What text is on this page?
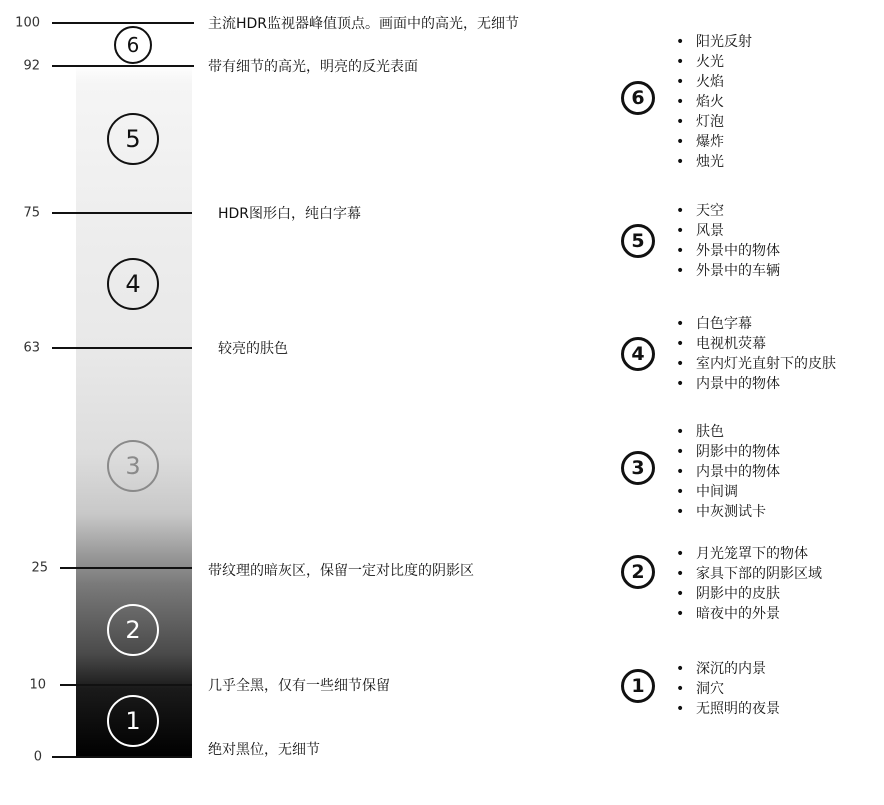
100
92
75
63
25
10
0
主流HDR监视器峰值顶点。画面中的高光，无细节
带有细节的高光，明亮的反光表面
HDR图形白，纯白字幕
较亮的肤色
带纹理的暗灰区，保留一定对比度的阴影区
几乎全黑，仅有一些细节保留
绝对黑位，无细节
6
5
4
3
2
1
6
5
4
3
2
1
• 阳光反射
• 火光
• 火焰
• 焰火
• 灯泡
• 爆炸
• 烛光
• 天空
• 风景
• 外景中的物体
• 外景中的车辆
• 白色字幕
• 电视机荧幕
• 室内灯光直射下的皮肤
• 内景中的物体
• 肤色
• 阴影中的物体
• 内景中的物体
• 中间调
• 中灰测试卡
• 月光笼罩下的物体
• 家具下部的阴影区域
• 阴影中的皮肤
• 暗夜中的外景
• 深沉的内景
• 洞穴
• 无照明的夜景
